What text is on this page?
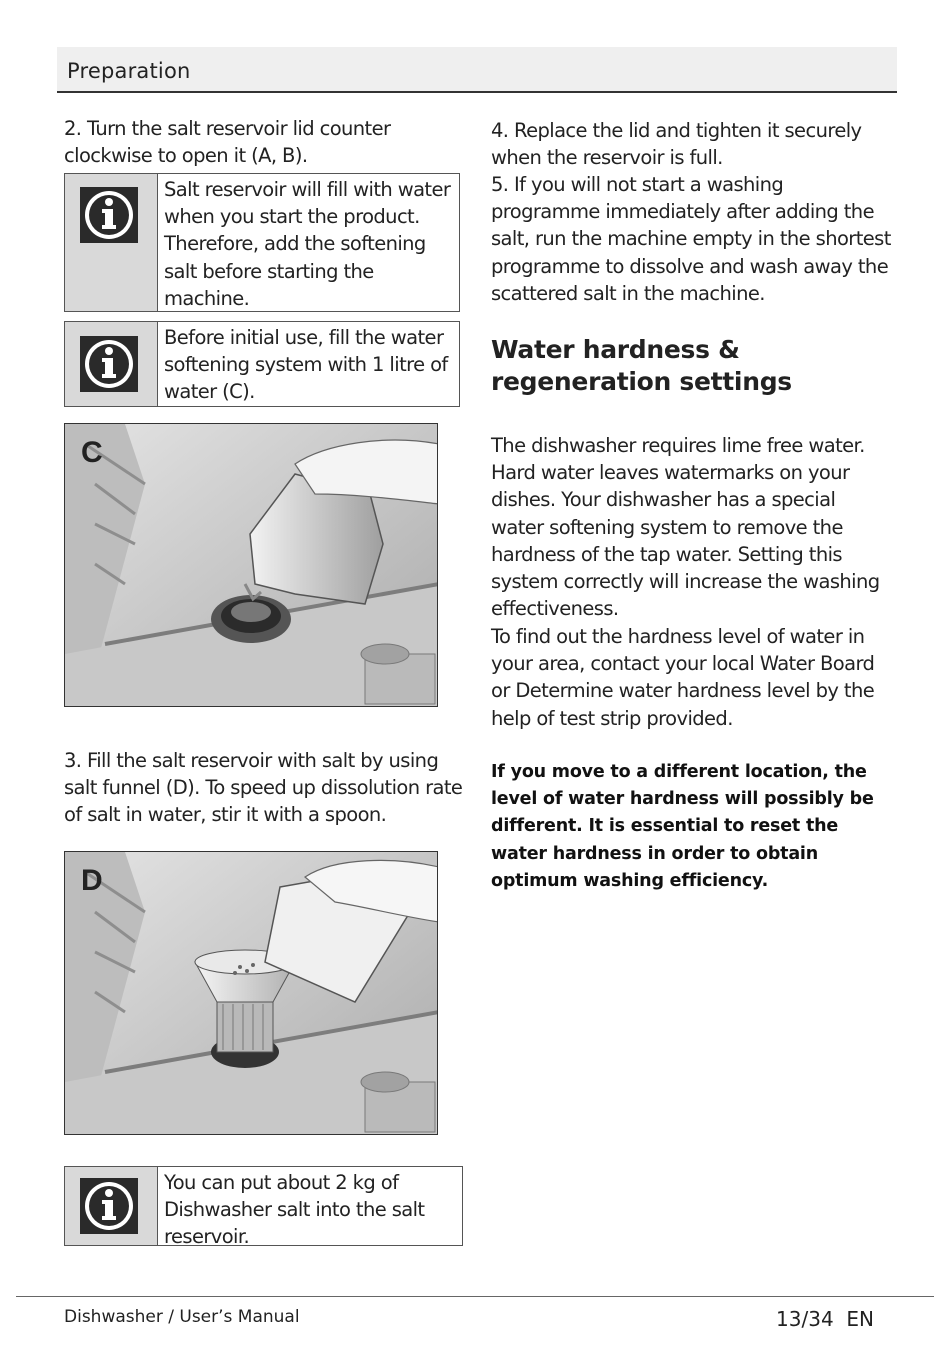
Preparation
2. Turn the salt reservoir lid counter clockwise to open it (A, B).
Salt reservoir will fill with water when you start the product. Therefore, add the softening salt before starting the machine.
Before initial use, fill the water softening system with 1 litre of water (C).
C
3. Fill the salt reservoir with salt by using salt funnel (D). To speed up dissolution rate of salt in water, stir it with a spoon.
D
You can put about 2 kg of Dishwasher salt into the salt reservoir.
4. Replace the lid and tighten it securely when the reservoir is full.
5. If you will not start a washing programme immediately after adding the salt, run the machine empty in the shortest programme to dissolve and wash away the scattered salt in the machine.
Water hardness & regeneration settings
The dishwasher requires lime free water. Hard water leaves watermarks on your dishes. Your dishwasher has a special water softening system to remove the hardness of the tap water. Setting this system correctly will increase the washing effectiveness.
To find out the hardness level of water in your area, contact your local Water Board or Determine water hardness level by the help of test strip provided.
If you move to a different location, the level of water hardness will possibly be different. It is essential to reset the water hardness in order to obtain optimum washing efficiency.
Dishwasher / User’s Manual	13/34  EN
